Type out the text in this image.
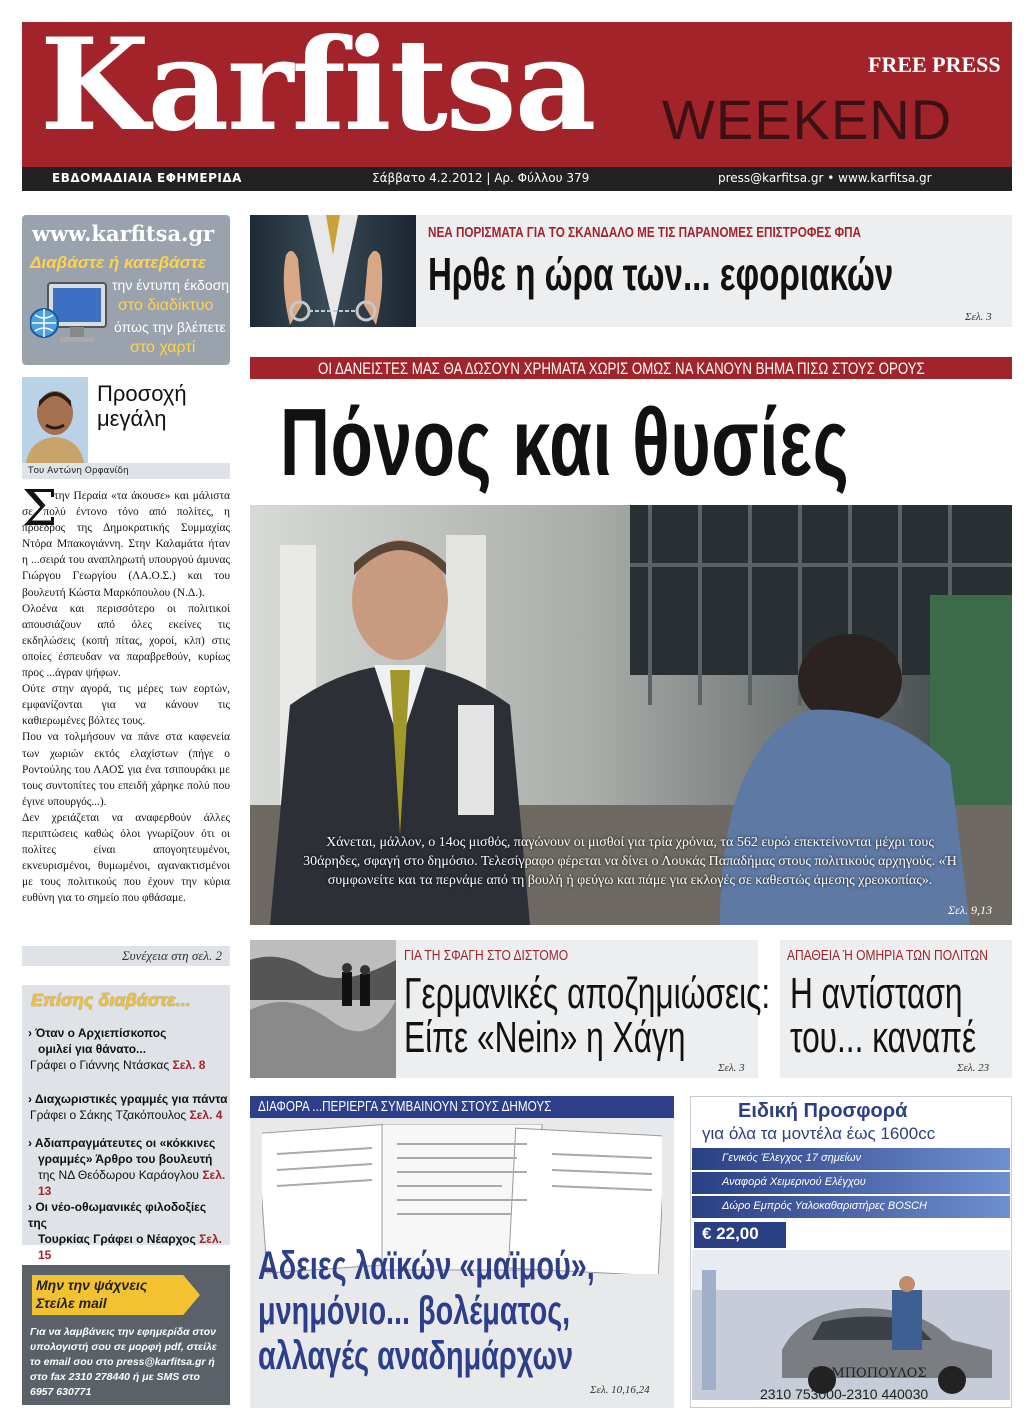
Karfitsa	FREE PRESS
WEEKEND
ΕΒΔΟΜΑΔΙΑΙΑ ΕΦΗΜΕΡΙΔΑ	Σάββατο 4.2.2012 | Αρ. Φύλλου 379	press@karfitsa.gr • www.karfitsa.gr
www.karfitsa.gr
Διαβάστε ή κατεβάστε
την έντυπη έκδοση
στο διαδίκτυο
όπως την βλέπετε
στο χαρτί
Προσοχή
μεγάλη
Του Αντώνη Ορφανίδη
Σ

την Περαία «τα άκουσε» και μάλιστα σε πολύ έντονο τόνο από πολίτες, η πρόεδρος της Δημοκρατικής Συμμαχίας Ντόρα Μπακογιάννη. Στην Καλαμάτα ήταν η ...σειρά του αναπληρωτή υπουργού άμυνας Γιώργου Γεωργίου (ΛΑ.Ο.Σ.) και του βουλευτή Κώστα Μαρκόπουλου (Ν.Δ.).

Ολοένα και περισσότερο οι πολιτικοί απουσιάζουν από όλες εκείνες τις εκδηλώσεις (κοπή πίτας, χοροί, κλπ) στις οποίες έσπευδαν να παραβρεθούν, κυρίως προς ...άγραν ψήφων.

Ούτε στην αγορά, τις μέρες των εορτών, εμφανίζονται για να κάνουν τις καθιερωμένες βόλτες τους.

Που να τολμήσουν να πάνε στα καφενεία των χωριών εκτός ελαχίστων (πήγε ο Ροντούλης του ΛΑΟΣ για ένα τσιπουράκι με τους συντοπίτες του επειδή χάρηκε πολύ που έγινε υπουργός...).

Δεν χρειάζεται να αναφερθούν άλλες περιπτώσεις καθώς όλοι γνωρίζουν ότι οι πολίτες είναι απογοητευμένοι, εκνευρισμένοι, θυμωμένοι, αγανακτισμένοι με τους πολιτικούς που έχουν την κύρια ευθύνη για το σημείο που φθάσαμε.

Συνέχεια στη σελ. 2
Επίσης διαβάστε...
› Όταν ο Αρχιεπίσκοπος
ομιλεί για θάνατο...
Γράφει ο Γιάννης Ντάσκας Σελ. 8
› Διαχωριστικές γραμμές για πάντα
Γράφει ο Σάκης Τζακόπουλος Σελ. 4
› Αδιαπραγμάτευτες οι «κόκκινες
γραμμές» Άρθρο του βουλευτή
της ΝΔ Θεόδωρου Καράογλου Σελ. 13
› Οι νέο-οθωμανικές φιλοδοξίες της
Τουρκίας Γράφει ο Νέαρχος Σελ. 15
Μην την ψάχνεις
Στείλε mail
Για να λαμβάνεις την εφημερίδα στον υπολογιστή σου σε μορφή pdf, στείλε το email σου στο press@karfitsa.gr ή στο fax 2310 278440 ή με SMS στο 6957 630771
ΝΕΑ ΠΟΡΙΣΜΑΤΑ ΓΙΑ ΤΟ ΣΚΑΝΔΑΛΟ ΜΕ ΤΙΣ ΠΑΡΑΝΟΜΕΣ ΕΠΙΣΤΡΟΦΕΣ ΦΠΑ
Ηρθε η ώρα των... εφοριακών
Σελ. 3
ΟΙ ΔΑΝΕΙΣΤΕΣ ΜΑΣ ΘΑ ΔΩΣΟΥΝ ΧΡΗΜΑΤΑ ΧΩΡΙΣ ΟΜΩΣ ΝΑ ΚΑΝΟΥΝ ΒΗΜΑ ΠΙΣΩ ΣΤΟΥΣ ΟΡΟΥΣ
Πόνος και θυσίες
Χάνεται, μάλλον, ο 14ος μισθός, παγώνουν οι μισθοί για τρία χρόνια, τα 562 ευρώ επεκτείνονται μέχρι τους 30άρηδες, σφαγή στο δημόσιο. Τελεσίγραφο φέρεται να δίνει ο Λουκάς Παπαδήμας στους πολιτικούς αρχηγούς. «Ή συμφωνείτε και τα περνάμε από τη βουλή ή φεύγω και πάμε για εκλογές σε καθεστώς άμεσης χρεοκοπίας».
Σελ. 9,13
ΓΙΑ ΤΗ ΣΦΑΓΗ ΣΤΟ ΔΙΣΤΟΜΟ
Γερμανικές αποζημιώσεις:
Είπε «Nein» η Χάγη
Σελ. 3
ΑΠΑΘΕΙΑ Ή ΟΜΗΡΙΑ ΤΩΝ ΠΟΛΙΤΩΝ
Η αντίσταση
του... καναπέ
Σελ. 23
ΔΙΑΦΟΡΑ ...ΠΕΡΙΕΡΓΑ ΣΥΜΒΑΙΝΟΥΝ ΣΤΟΥΣ ΔΗΜΟΥΣ
Αδειες λαϊκών «μαϊμού»,
μνημόνιο... βολέματος,
αλλαγές αναδημάρχων
Σελ. 10,16,24
Ειδική Προσφορά
για όλα τα μοντέλα έως 1600cc
Γενικός Έλεγχος 17 σημείων
Αναφορά Χειμερινού Ελέγχου
Δώρο Εμπρός Υαλοκαθαριστήρες BOSCH
€ 22,00
ΡΟΜΠΟΠΟΥΛΟΣ
2310 753000-2310 440030
